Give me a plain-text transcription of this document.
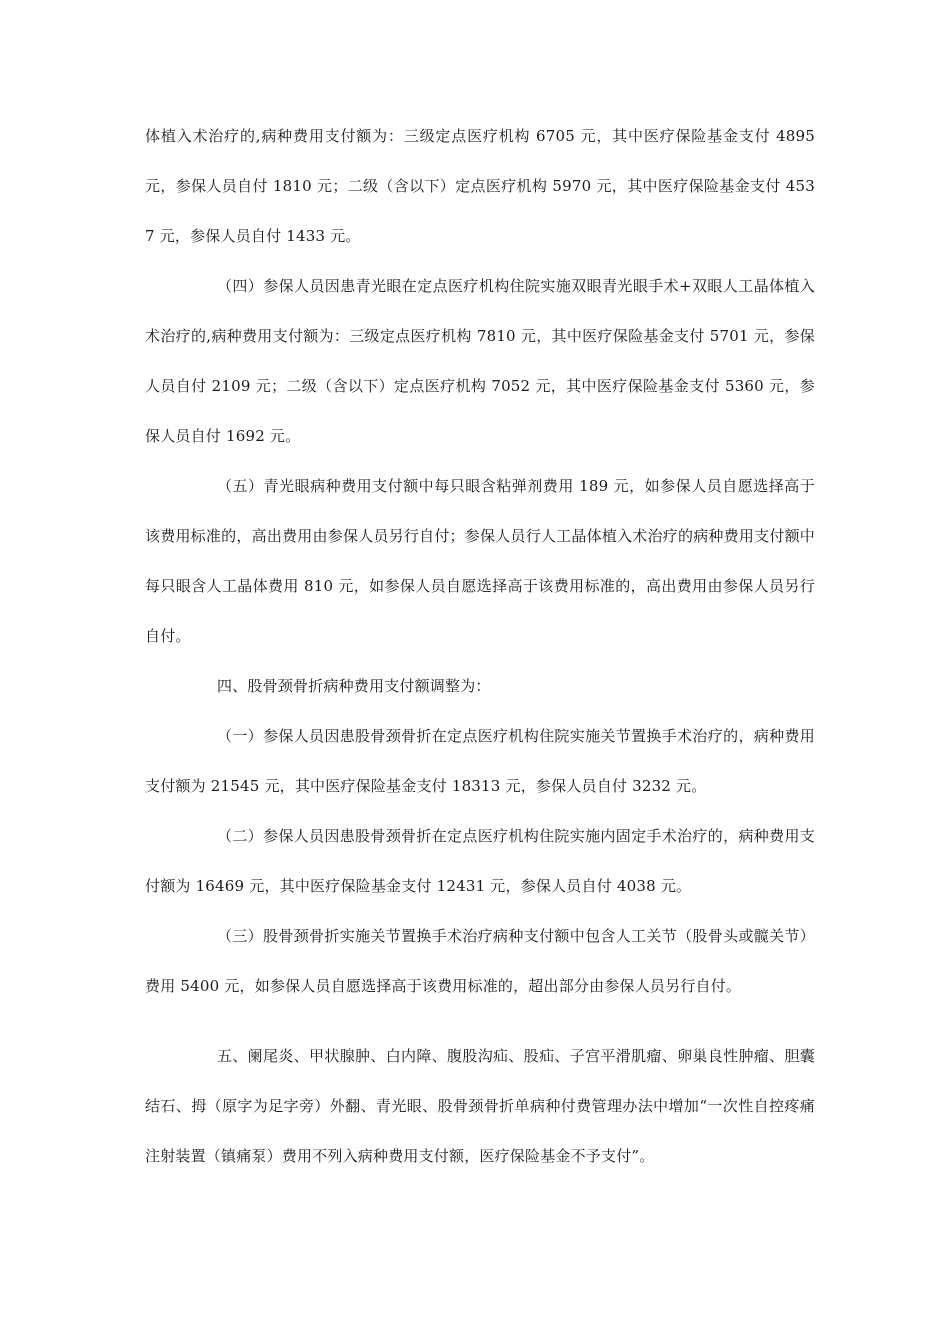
体植入术治疗的,病种费用支付额为：三级定点医疗机构 6705 元，其中医疗保险基金支付 4895 元，参保人员自付 1810 元；二级（含以下）定点医疗机构 5970 元，其中医疗保险基金支付 4537 元，参保人员自付 1433 元。

（四）参保人员因患青光眼在定点医疗机构住院实施双眼青光眼手术+双眼人工晶体植入术治疗的,病种费用支付额为：三级定点医疗机构 7810 元，其中医疗保险基金支付 5701 元，参保人员自付 2109 元；二级（含以下）定点医疗机构 7052 元，其中医疗保险基金支付 5360 元，参保人员自付 1692 元。

（五）青光眼病种费用支付额中每只眼含粘弹剂费用 189 元，如参保人员自愿选择高于该费用标准的，高出费用由参保人员另行自付；参保人员行人工晶体植入术治疗的病种费用支付额中每只眼含人工晶体费用 810 元，如参保人员自愿选择高于该费用标准的，高出费用由参保人员另行自付。

四、股骨颈骨折病种费用支付额调整为：

（一）参保人员因患股骨颈骨折在定点医疗机构住院实施关节置换手术治疗的，病种费用支付额为 21545 元，其中医疗保险基金支付 18313 元，参保人员自付 3232 元。

（二）参保人员因患股骨颈骨折在定点医疗机构住院实施内固定手术治疗的，病种费用支付额为 16469 元，其中医疗保险基金支付 12431 元，参保人员自付 4038 元。

（三）股骨颈骨折实施关节置换手术治疗病种支付额中包含人工关节（股骨头或髋关节）费用 5400 元，如参保人员自愿选择高于该费用标准的，超出部分由参保人员另行自付。

五、阑尾炎、甲状腺肿、白内障、腹股沟疝、股疝、子宫平滑肌瘤、卵巢良性肿瘤、胆囊结石、拇（原字为足字旁）外翻、青光眼、股骨颈骨折单病种付费管理办法中增加“一次性自控疼痛注射装置（镇痛泵）费用不列入病种费用支付额，医疗保险基金不予支付”。
